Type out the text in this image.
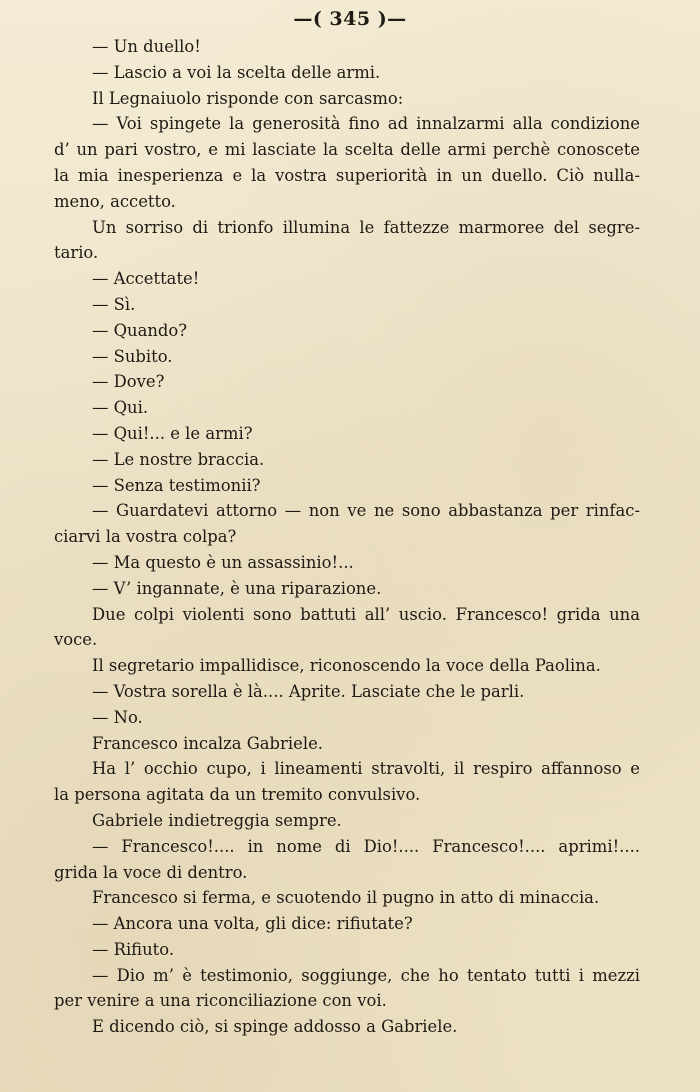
—( 345 )—

— Un duello!

— Lascio a voi la scelta delle armi.

Il Legnaiuolo risponde con sarcasmo:

— Voi spingete la generosità fino ad innalzarmi alla condizione

d’ un pari vostro, e mi lasciate la scelta delle armi perchè conoscete

la mia inesperienza e la vostra superiorità in un duello. Ciò nulla-

meno, accetto.

Un sorriso di trionfo illumina le fattezze marmoree del segre-

tario.

— Accettate!

— Sì.

— Quando?

— Subito.

— Dove?

— Qui.

— Qui!... e le armi?

— Le nostre braccia.

— Senza testimonii?

— Guardatevi attorno — non ve ne sono abbastanza per rinfac-

ciarvi la vostra colpa?

— Ma questo è un assassinio!...

— V’ ingannate, è una riparazione.

Due colpi violenti sono battuti all’ uscio. Francesco! grida una

voce.

Il segretario impallidisce, riconoscendo la voce della Paolina.

— Vostra sorella è là.... Aprite. Lasciate che le parli.

— No.

Francesco incalza Gabriele.

Ha l’ occhio cupo, i lineamenti stravolti, il respiro affannoso e

la persona agitata da un tremito convulsivo.

Gabriele indietreggia sempre.

— Francesco!.... in nome di Dio!.... Francesco!.... aprimi!....

grida la voce di dentro.

Francesco si ferma, e scuotendo il pugno in atto di minaccia.

— Ancora una volta, gli dice: rifiutate?

— Rifiuto.

— Dio m’ è testimonio, soggiunge, che ho tentato tutti i mezzi

per venire a una riconciliazione con voi.

E dicendo ciò, si spinge addosso a Gabriele.
